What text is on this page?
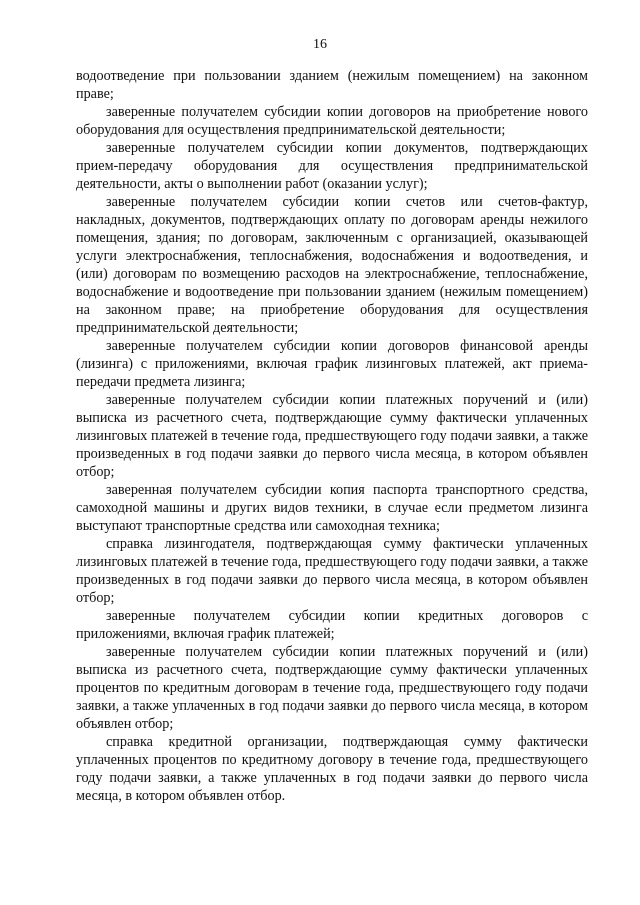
16

водоотведение при пользовании зданием (нежилым помещением) на законном праве;

заверенные получателем субсидии копии договоров на приобретение нового оборудования для осуществления предпринимательской деятельности;

заверенные получателем субсидии копии документов, подтверждающих прием-передачу оборудования для осуществления предпринимательской деятельности, акты о выполнении работ (оказании услуг);

заверенные получателем субсидии копии счетов или счетов-фактур, накладных, документов, подтверждающих оплату по договорам аренды нежилого помещения, здания; по договорам, заключенным с организацией, оказывающей услуги электроснабжения, теплоснабжения, водоснабжения и водоотведения, и (или) договорам по возмещению расходов на электроснабжение, теплоснабжение, водоснабжение и водоотведение при пользовании зданием (нежилым помещением) на законном праве; на приобретение оборудования для осуществления предпринимательской деятельности;

заверенные получателем субсидии копии договоров финансовой аренды (лизинга) с приложениями, включая график лизинговых платежей, акт приема-передачи предмета лизинга;

заверенные получателем субсидии копии платежных поручений и (или) выписка из расчетного счета, подтверждающие сумму фактически уплаченных лизинговых платежей в течение года, предшествующего году подачи заявки, а также произведенных в год подачи заявки до первого числа месяца, в котором объявлен отбор;

заверенная получателем субсидии копия паспорта транспортного средства, самоходной машины и других видов техники, в случае если предметом лизинга выступают транспортные средства или самоходная техника;

справка лизингодателя, подтверждающая сумму фактически уплаченных лизинговых платежей в течение года, предшествующего году подачи заявки, а также произведенных в год подачи заявки до первого числа месяца, в котором объявлен отбор;

заверенные получателем субсидии копии кредитных договоров с приложениями, включая график платежей;

заверенные получателем субсидии копии платежных поручений и (или) выписка из расчетного счета, подтверждающие сумму фактически уплаченных процентов по кредитным договорам в течение года, предшествующего году подачи заявки, а также уплаченных в год подачи заявки до первого числа месяца, в котором объявлен отбор;

справка кредитной организации, подтверждающая сумму фактически уплаченных процентов по кредитному договору в течение года, предшествующего году подачи заявки, а также уплаченных в год подачи заявки до первого числа месяца, в котором объявлен отбор.
